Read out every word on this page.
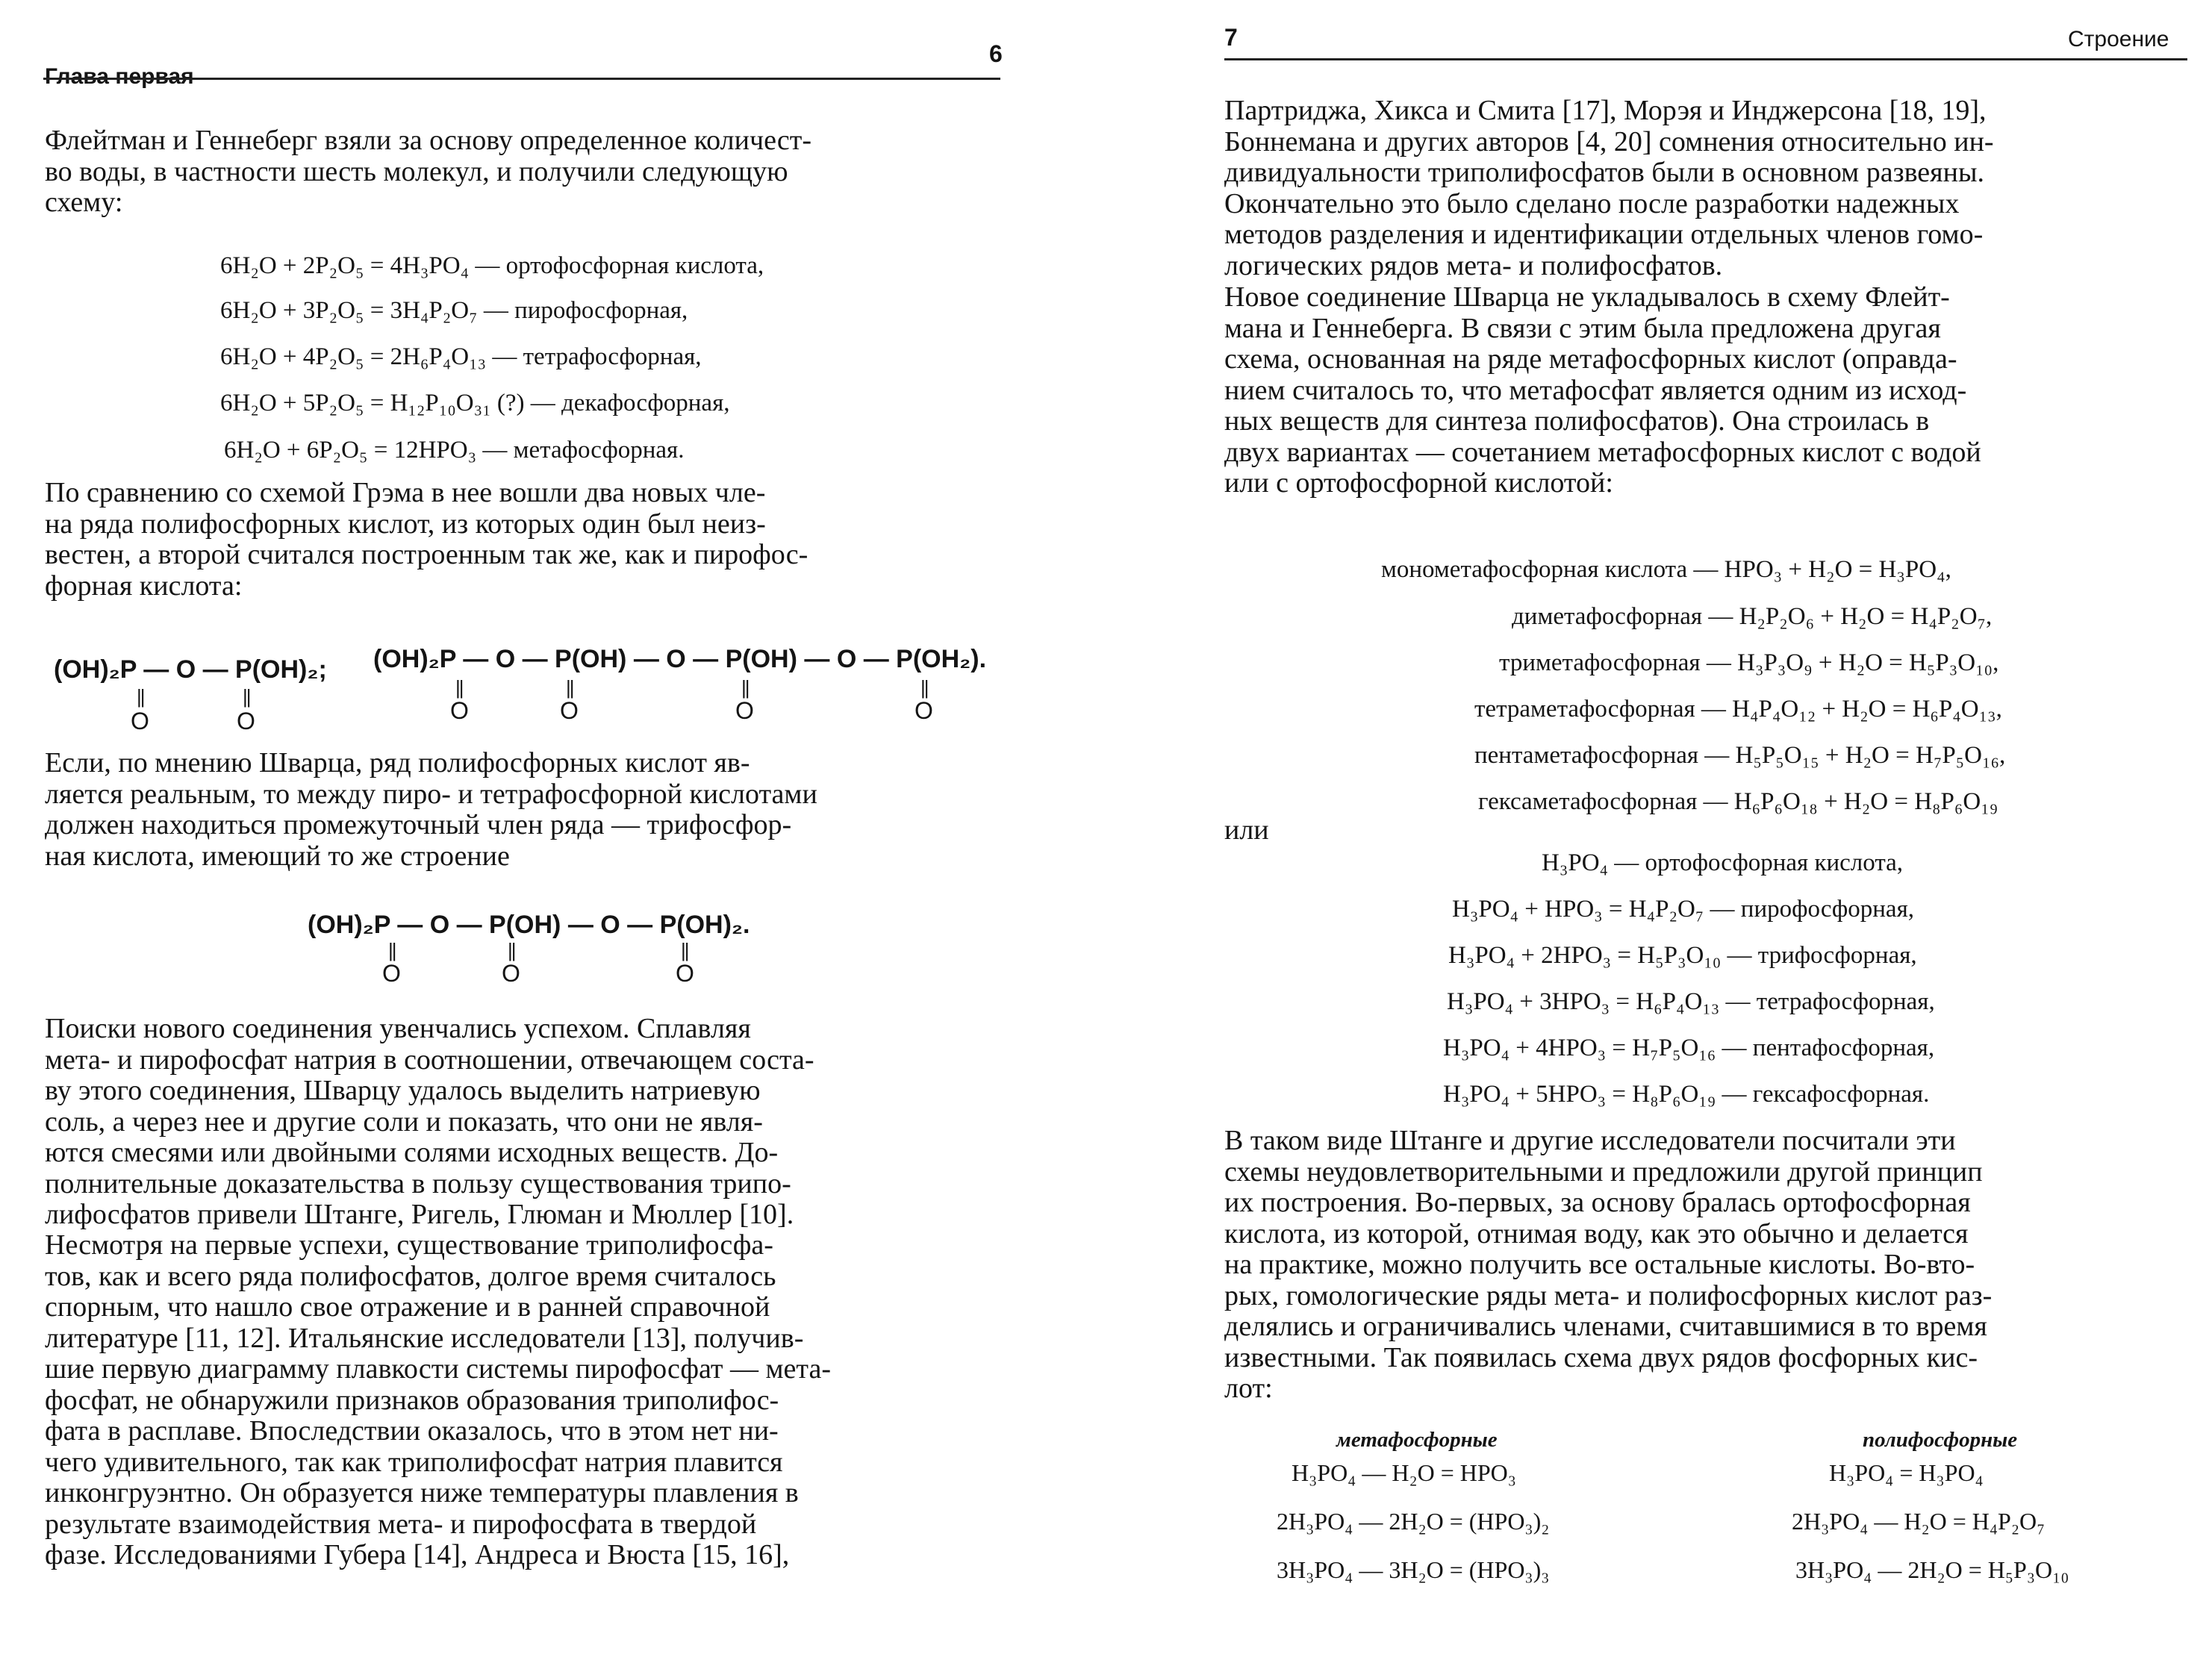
Глава первая
6
Флейтман и Геннеберг взяли за основу определенное количест-
во воды, в частности шесть молекул, и получили следующую
схему:
6H₂O + 2P₂O₅ = 4H₃PO₄ — ортофосфорная кислота,
6H₂O + 3P₂O₅ = 3H₄P₂O₇ — пирофосфорная,
6H₂O + 4P₂O₅ = 2H₆P₄O₁₃ — тетрафосфорная,
6H₂O + 5P₂O₅ = H₁₂P₁₀O₃₁ (?) — декафосфорная,
6H₂O + 6P₂O₅ = 12HPO₃ — метафосфорная.
По сравнению со схемой Грэма в нее вошли два новых чле-
на ряда полифосфорных кислот, из которых один был неиз-
вестен, а второй считался построенным так же, как и пирофос-
форная кислота:
(OH)₂P — O — P(OH)₂; (OH)₂P — O — P(OH) — O — P(OH) — O — P(OH₂).
||
O
||
O
||
O
||
O
||
O
||
O
Если, по мнению Шварца, ряд полифосфорных кислот яв-
ляется реальным, то между пиро- и тетрафосфорной кислотами
должен находиться промежуточный член ряда — трифосфор-
ная кислота, имеющий то же строение
(OH)₂P — O — P(OH) — O — P(OH)₂.
||
O
||
O
||
O
Поиски нового соединения увенчались успехом. Сплавляя
мета- и пирофосфат натрия в соотношении, отвечающем соста-
ву этого соединения, Шварцу удалось выделить натриевую
соль, а через нее и другие соли и показать, что они не явля-
ются смесями или двойными солями исходных веществ. До-
полнительные доказательства в пользу существования трипо-
лифосфатов привели Штанге, Ригель, Глюман и Мюллер [10].
Несмотря на первые успехи, существование триполифосфа-
тов, как и всего ряда полифосфатов, долгое время считалось
спорным, что нашло свое отражение и в ранней справочной
литературе [11, 12]. Итальянские исследователи [13], получив-
шие первую диаграмму плавкости системы пирофосфат — мета-
фосфат, не обнаружили признаков образования триполифос-
фата в расплаве. Впоследствии оказалось, что в этом нет ни-
чего удивительного, так как триполифосфат натрия плавится
инконгруэнтно. Он образуется ниже температуры плавления в
результате взаимодействия мета- и пирофосфата в твердой
фазе. Исследованиями Губера [14], Андреса и Вюста [15, 16],
7	Строение
Партриджа, Хикса и Смита [17], Морэя и Инджерсона [18, 19],
Боннемана и других авторов [4, 20] сомнения относительно ин-
дивидуальности триполифосфатов были в основном развеяны.
Окончательно это было сделано после разработки надежных
методов разделения и идентификации отдельных членов гомо-
логических рядов мета- и полифосфатов.
Новое соединение Шварца не укладывалось в схему Флейт-
мана и Геннеберга. В связи с этим была предложена другая
схема, основанная на ряде метафосфорных кислот (оправда-
нием считалось то, что метафосфат является одним из исход-
ных веществ для синтеза полифосфатов). Она строилась в
двух вариантах — сочетанием метафосфорных кислот с водой
или с ортофосфорной кислотой:
монометафосфорная кислота — HPO₃ + H₂O = H₃PO₄,
диметафосфорная — H₂P₂O₆ + H₂O = H₄P₂O₇,
триметафосфорная — H₃P₃O₉ + H₂O = H₅P₃O₁₀,
тетраметафосфорная — H₄P₄O₁₂ + H₂O = H₆P₄O₁₃,
пентаметафосфорная — H₅P₅O₁₅ + H₂O = H₇P₅O₁₆,
гексаметафосфорная — H₆P₆O₁₈ + H₂O = H₈P₆O₁₉
или
H₃PO₄ — ортофосфорная кислота,
H₃PO₄ + HPO₃ = H₄P₂O₇ — пирофосфорная,
H₃PO₄ + 2HPO₃ = H₅P₃O₁₀ — трифосфорная,
H₃PO₄ + 3HPO₃ = H₆P₄O₁₃ — тетрафосфорная,
H₃PO₄ + 4HPO₃ = H₇P₅O₁₆ — пентафосфорная,
H₃PO₄ + 5HPO₃ = H₈P₆O₁₉ — гексафосфорная.
В таком виде Штанге и другие исследователи посчитали эти
схемы неудовлетворительными и предложили другой принцип
их построения. Во-первых, за основу бралась ортофосфорная
кислота, из которой, отнимая воду, как это обычно и делается
на практике, можно получить все остальные кислоты. Во-вто-
рых, гомологические ряды мета- и полифосфорных кислот раз-
делялись и ограничивались членами, считавшимися в то время
известными. Так появилась схема двух рядов фосфорных кис-
лот:
метафосфорные	полифосфорные
H₃PO₄ — H₂O = HPO₃
2H₃PO₄ — 2H₂O = (HPO₃)₂
3H₃PO₄ — 3H₂O = (HPO₃)₃
H₃PO₄ = H₃PO₄
2H₃PO₄ — H₂O = H₄P₂O₇
3H₃PO₄ — 2H₂O = H₅P₃O₁₀
